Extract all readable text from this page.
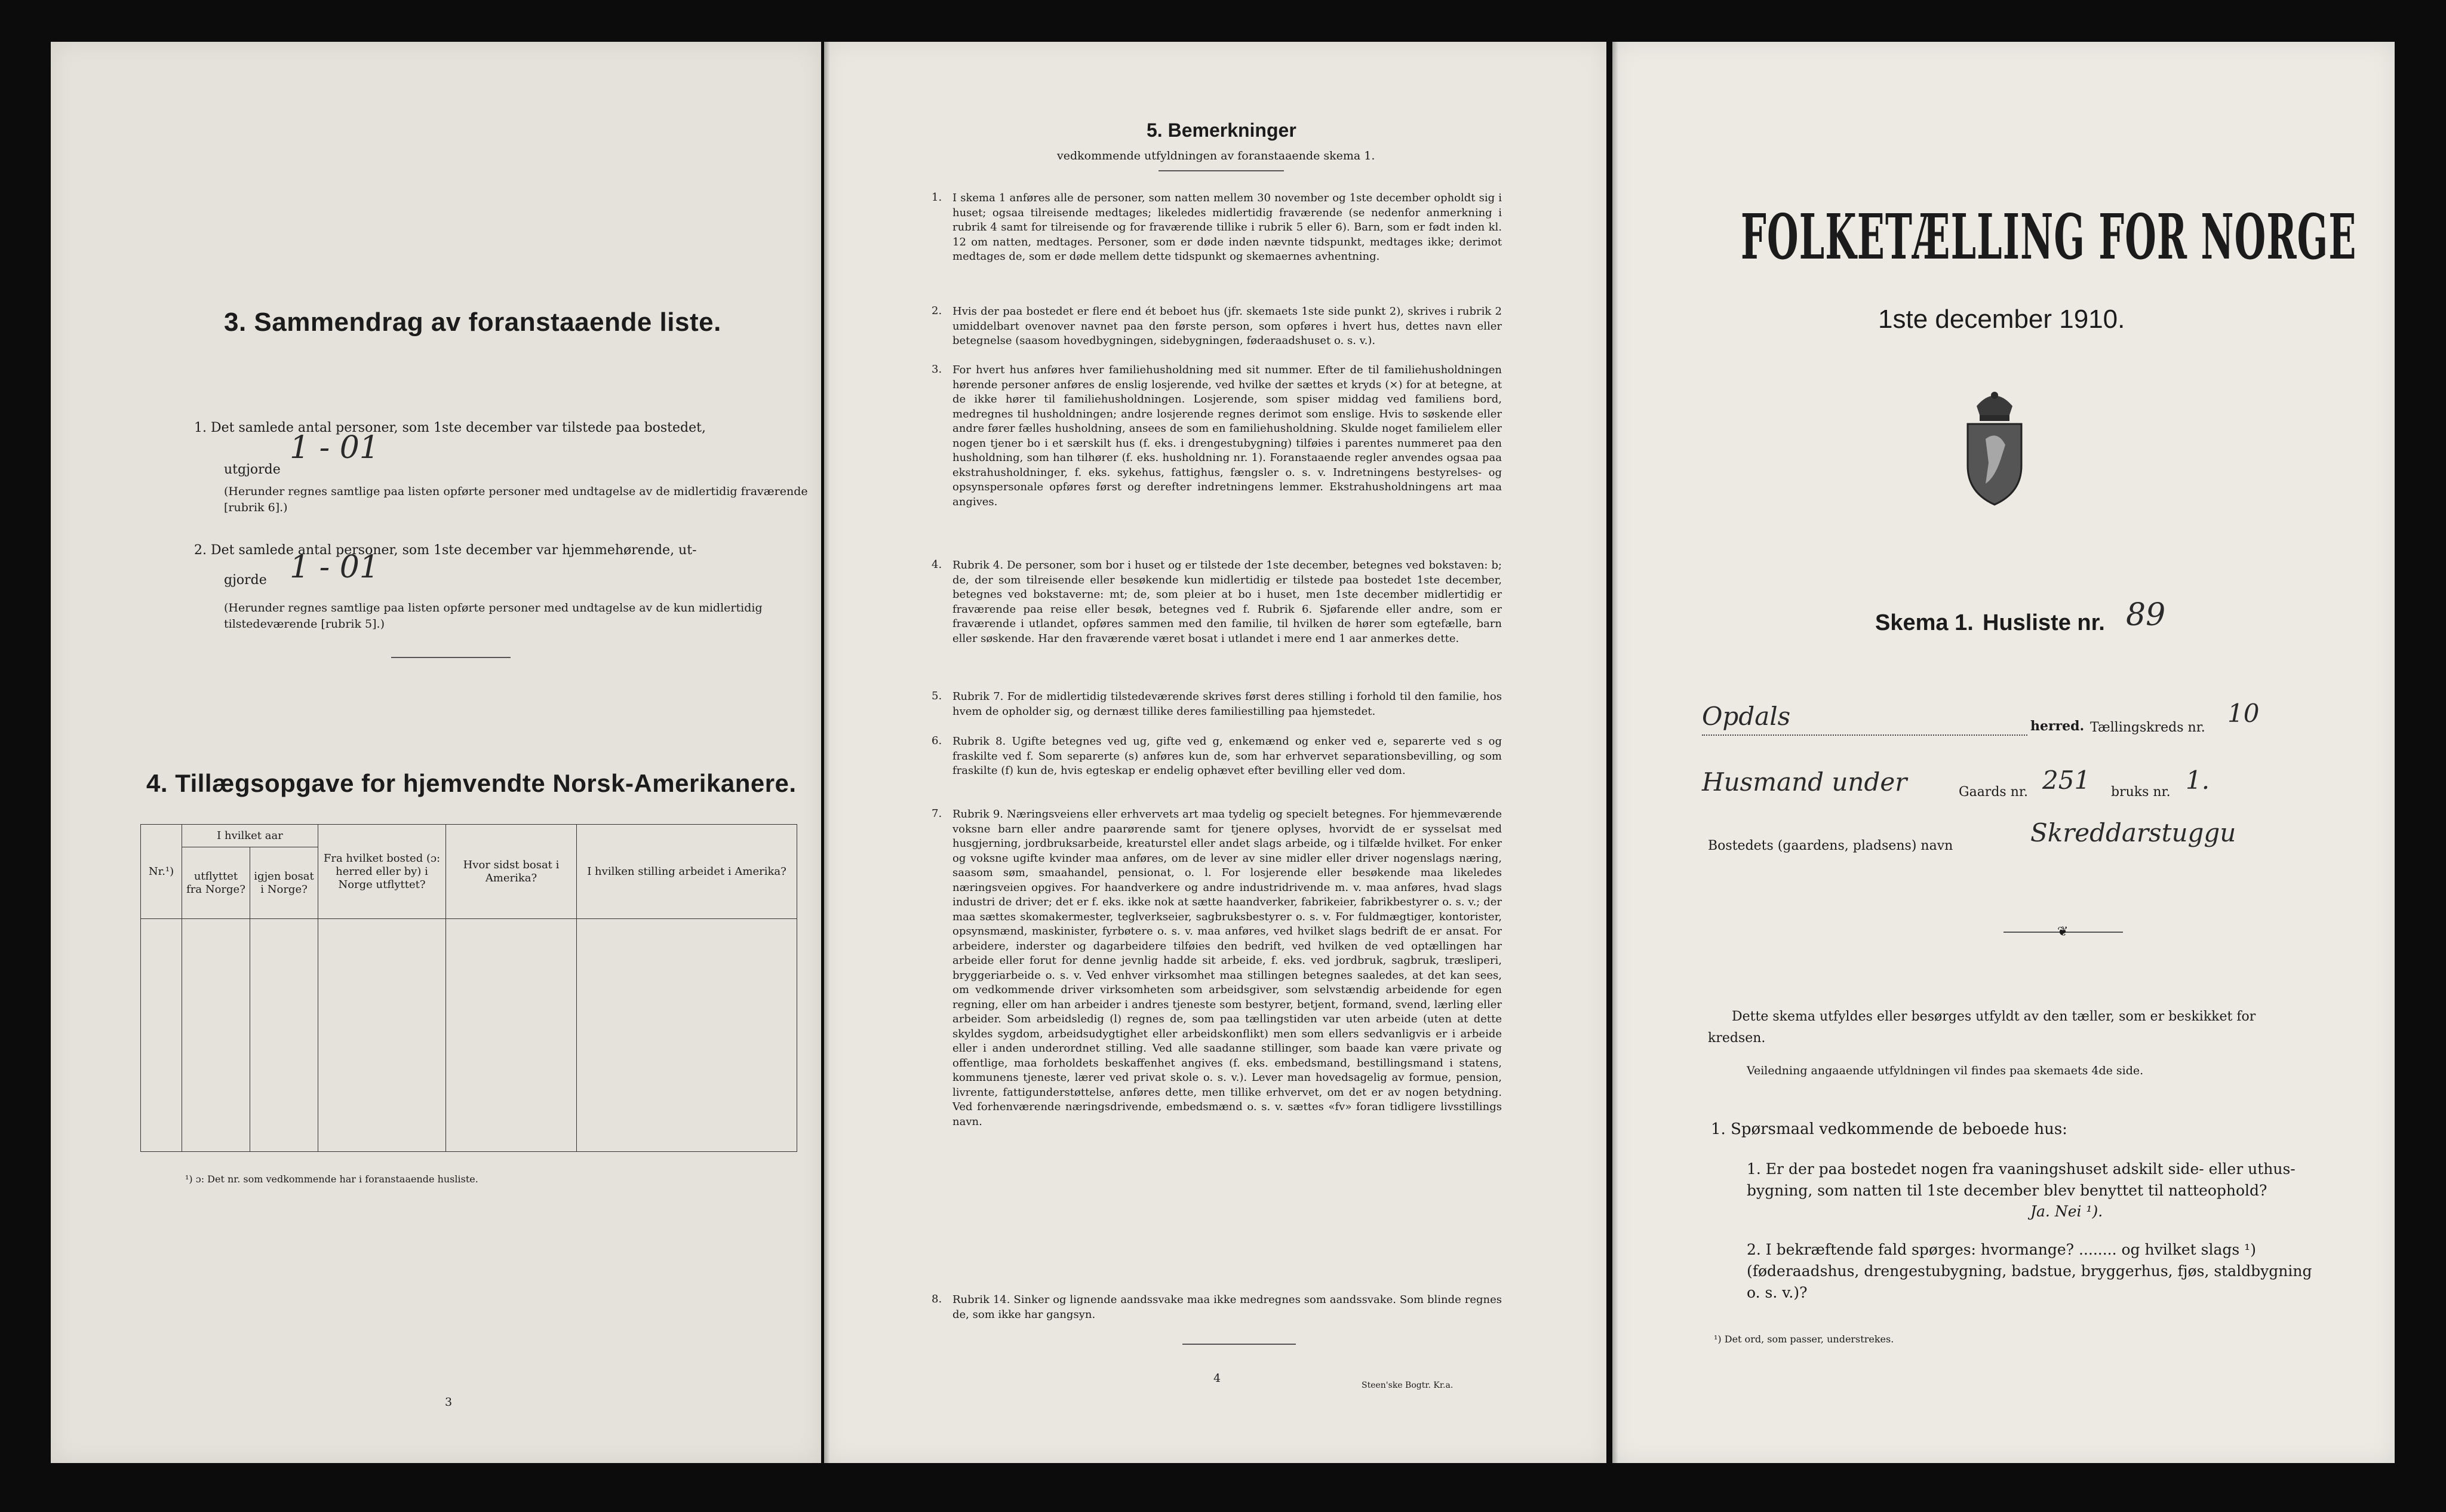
3. Sammendrag av foranstaaende liste.
1. Det samlede antal personer, som 1ste december var tilstede paa bostedet,
utgjorde
1 - 01
(Herunder regnes samtlige paa listen opførte personer med undtagelse av de midlertidig fraværende [rubrik 6].)
2. Det samlede antal personer, som 1ste december var hjemmehørende, ut-
gjorde 1 - 01
(Herunder regnes samtlige paa listen opførte personer med undtagelse av de kun midlertidig tilstedeværende [rubrik 5].)
4. Tillægsopgave for hjemvendte Norsk-Amerikanere.
Nr.¹)	I hvilket aar		Fra hvilket bosted (ɔ: herred eller by) i Norge utflyttet?	Hvor sidst bosat i Amerika?	I hvilken stilling arbeidet i Amerika?
	utflyttet fra Norge?	igjen bosat i Norge?			

¹) ɔ: Det nr. som vedkommende har i foranstaaende husliste.
3
5. Bemerkninger
vedkommende utfyldningen av foranstaaende skema 1.
1. I skema 1 anføres alle de personer, som natten mellem 30 november og 1ste december opholdt sig i huset; ogsaa tilreisende medtages; likeledes midlertidig fraværende (se nedenfor anmerkning i rubrik 4 samt for tilreisende og for fraværende tillike i rubrik 5 eller 6). Barn, som er født inden kl. 12 om natten, medtages. Personer, som er døde inden nævnte tidspunkt, medtages ikke; derimot medtages de, som er døde mellem dette tidspunkt og skemaernes avhentning.
2. Hvis der paa bostedet er flere end ét beboet hus (jfr. skemaets 1ste side punkt 2), skrives i rubrik 2 umiddelbart ovenover navnet paa den første person, som opføres i hvert hus, dettes navn eller betegnelse (saasom hovedbygningen, sidebygningen, føderaadshuset o. s. v.).
3. For hvert hus anføres hver familiehusholdning med sit nummer. Efter de til familiehusholdningen hørende personer anføres de enslig losjerende, ved hvilke der sættes et kryds (×) for at betegne, at de ikke hører til familiehusholdningen. Losjerende, som spiser middag ved familiens bord, medregnes til husholdningen; andre losjerende regnes derimot som enslige. Hvis to søskende eller andre fører fælles husholdning, ansees de som en familiehusholdning. Skulde noget familielem eller nogen tjener bo i et særskilt hus (f. eks. i drengestubygning) tilføies i parentes nummeret paa den husholdning, som han tilhører (f. eks. husholdning nr. 1). Foranstaaende regler anvendes ogsaa paa ekstrahusholdninger, f. eks. sykehus, fattighus, fængsler o. s. v. Indretningens bestyrelses- og opsynspersonale opføres først og derefter indretningens lemmer. Ekstrahusholdningens art maa angives.
4. Rubrik 4. De personer, som bor i huset og er tilstede der 1ste december, betegnes ved bokstaven: b; de, der som tilreisende eller besøkende kun midlertidig er tilstede paa bostedet 1ste december, betegnes ved bokstaverne: mt; de, som pleier at bo i huset, men 1ste december midlertidig er fraværende paa reise eller besøk, betegnes ved f. Rubrik 6. Sjøfarende eller andre, som er fraværende i utlandet, opføres sammen med den familie, til hvilken de hører som egtefælle, barn eller søskende. Har den fraværende været bosat i utlandet i mere end 1 aar anmerkes dette.
5. Rubrik 7. For de midlertidig tilstedeværende skrives først deres stilling i forhold til den familie, hos hvem de opholder sig, og dernæst tillike deres familiestilling paa hjemstedet.
6. Rubrik 8. Ugifte betegnes ved ug, gifte ved g, enkemænd og enker ved e, separerte ved s og fraskilte ved f. Som separerte (s) anføres kun de, som har erhvervet separationsbevilling, og som fraskilte (f) kun de, hvis egteskap er endelig ophævet efter bevilling eller ved dom.
7. Rubrik 9. Næringsveiens eller erhvervets art maa tydelig og specielt betegnes. For hjemmeværende voksne barn eller andre paarørende samt for tjenere oplyses, hvorvidt de er sysselsat med husgjerning, jordbruksarbeide, kreaturstel eller andet slags arbeide, og i tilfælde hvilket. For enker og voksne ugifte kvinder maa anføres, om de lever av sine midler eller driver nogenslags næring, saasom søm, smaahandel, pensionat, o. l. For losjerende eller besøkende maa likeledes næringsveien opgives. For haandverkere og andre industridrivende m. v. maa anføres, hvad slags industri de driver; det er f. eks. ikke nok at sætte haandverker, fabrikeier, fabrikbestyrer o. s. v.; der maa sættes skomakermester, teglverkseier, sagbruksbestyrer o. s. v. For fuldmægtiger, kontorister, opsynsmænd, maskinister, fyrbøtere o. s. v. maa anføres, ved hvilket slags bedrift de er ansat. For arbeidere, inderster og dagarbeidere tilføies den bedrift, ved hvilken de ved optællingen har arbeide eller forut for denne jevnlig hadde sit arbeide, f. eks. ved jordbruk, sagbruk, træsliperi, bryggeriarbeide o. s. v. Ved enhver virksomhet maa stillingen betegnes saaledes, at det kan sees, om vedkommende driver virksomheten som arbeidsgiver, som selvstændig arbeidende for egen regning, eller om han arbeider i andres tjeneste som bestyrer, betjent, formand, svend, lærling eller arbeider. Som arbeidsledig (l) regnes de, som paa tællingstiden var uten arbeide (uten at dette skyldes sygdom, arbeidsudygtighet eller arbeidskonflikt) men som ellers sedvanligvis er i arbeide eller i anden underordnet stilling. Ved alle saadanne stillinger, som baade kan være private og offentlige, maa forholdets beskaffenhet angives (f. eks. embedsmand, bestillingsmand i statens, kommunens tjeneste, lærer ved privat skole o. s. v.). Lever man hovedsagelig av formue, pension, livrente, fattigunderstøttelse, anføres dette, men tillike erhvervet, om det er av nogen betydning. Ved forhenværende næringsdrivende, embedsmænd o. s. v. sættes «fv» foran tidligere livsstillings navn.
8. Rubrik 14. Sinker og lignende aandssvake maa ikke medregnes som aandssvake. Som blinde regnes de, som ikke har gangsyn.
4
Steen'ske Bogtr. Kr.a.
FOLKETÆLLING FOR NORGE
1ste december 1910.
Skema 1. Husliste nr. 89
Opdals	herred. Tællingskreds nr. 10
Husmand under	Gaards nr. 251 bruks nr. 1.
Bostedets (gaardens, pladsens) navn	Skreddarstuggu
❦
Dette skema utfyldes eller besørges utfyldt av den tæller, som er beskikket for kredsen.
Veiledning angaaende utfyldningen vil findes paa skemaets 4de side.
1. Spørsmaal vedkommende de beboede hus:
1. Er der paa bostedet nogen fra vaaningshuset adskilt side- eller uthus-bygning, som natten til 1ste december blev benyttet til natteophold?
Ja. Nei ¹).
2. I bekræftende fald spørges: hvormange? ........ og hvilket slags ¹) (føderaadshus, drengestubygning, badstue, bryggerhus, fjøs, staldbygning o. s. v.)?
¹) Det ord, som passer, understrekes.
